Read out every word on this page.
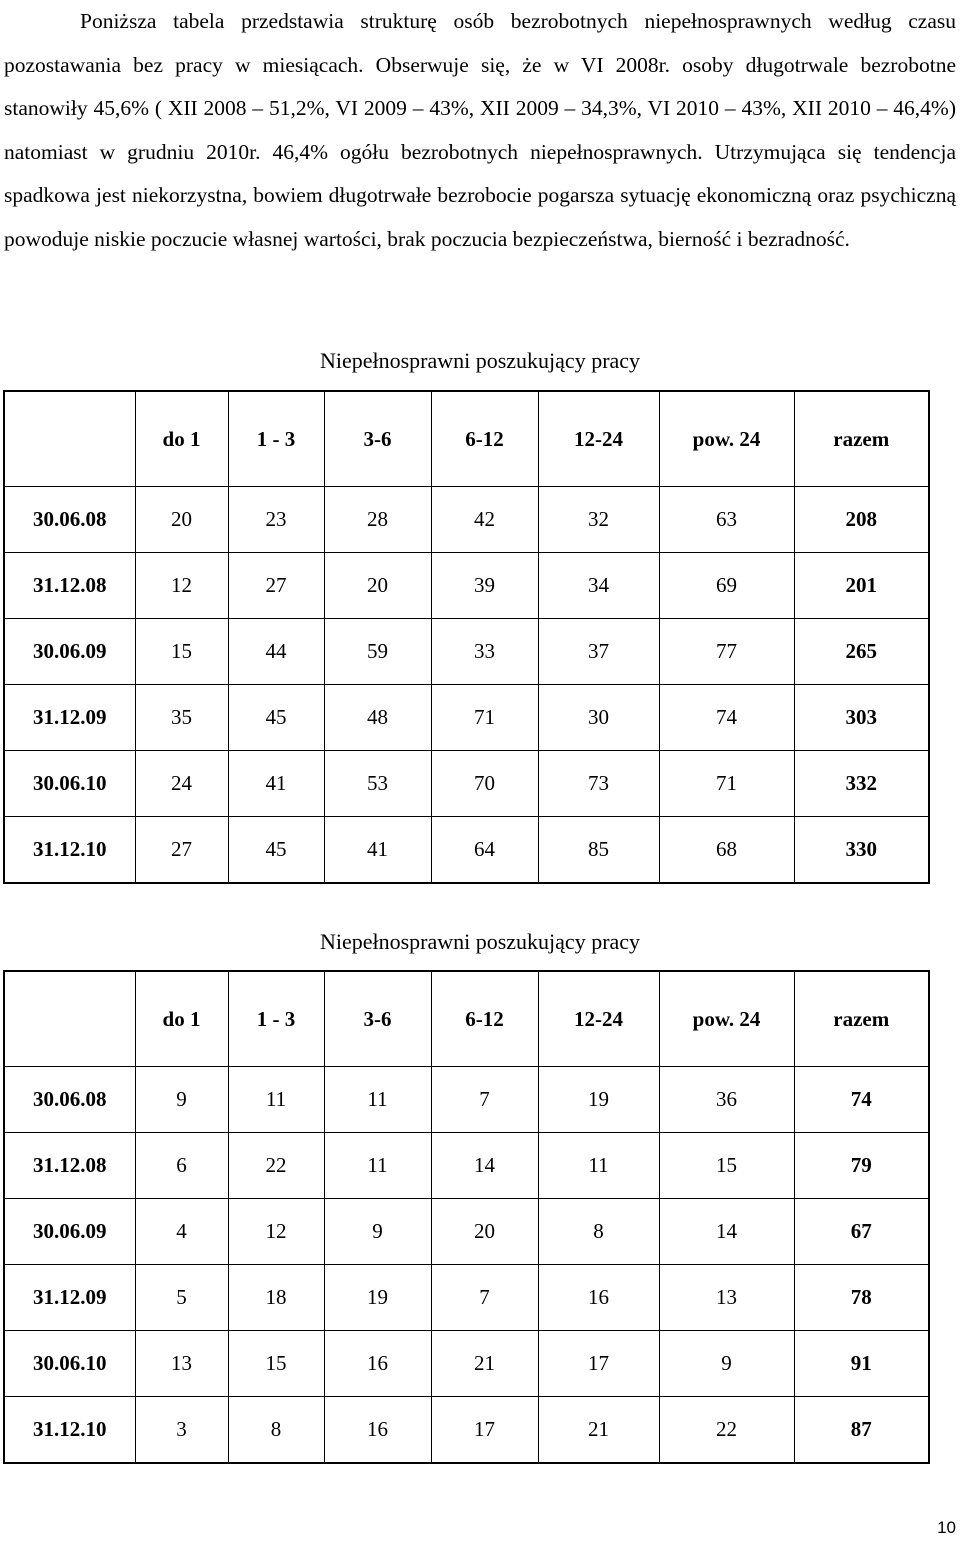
Poniższa tabela przedstawia strukturę osób bezrobotnych niepełnosprawnych według czasu pozostawania bez pracy w miesiącach. Obserwuje się, że w VI 2008r. osoby długotrwale bezrobotne stanowiły 45,6% ( XII 2008 – 51,2%, VI 2009 – 43%, XII 2009 – 34,3%, VI 2010 – 43%, XII 2010 – 46,4%) natomiast w grudniu 2010r. 46,4% ogółu bezrobotnych niepełnosprawnych. Utrzymująca się tendencja spadkowa jest niekorzystna, bowiem długotrwałe bezrobocie pogarsza sytuację ekonomiczną oraz psychiczną powoduje niskie poczucie własnej wartości, brak poczucia bezpieczeństwa, bierność i bezradność.

Niepełnosprawni poszukujący pracy
	do 1	1 - 3	3-6	6-12	12-24	pow. 24	razem
30.06.08	20	23	28	42	32	63	208
31.12.08	12	27	20	39	34	69	201
30.06.09	15	44	59	33	37	77	265
31.12.09	35	45	48	71	30	74	303
30.06.10	24	41	53	70	73	71	332
31.12.10	27	45	41	64	85	68	330
Niepełnosprawni poszukujący pracy
	do 1	1 - 3	3-6	6-12	12-24	pow. 24	razem
30.06.08	9	11	11	7	19	36	74
31.12.08	6	22	11	14	11	15	79
30.06.09	4	12	9	20	8	14	67
31.12.09	5	18	19	7	16	13	78
30.06.10	13	15	16	21	17	9	91
31.12.10	3	8	16	17	21	22	87
10
